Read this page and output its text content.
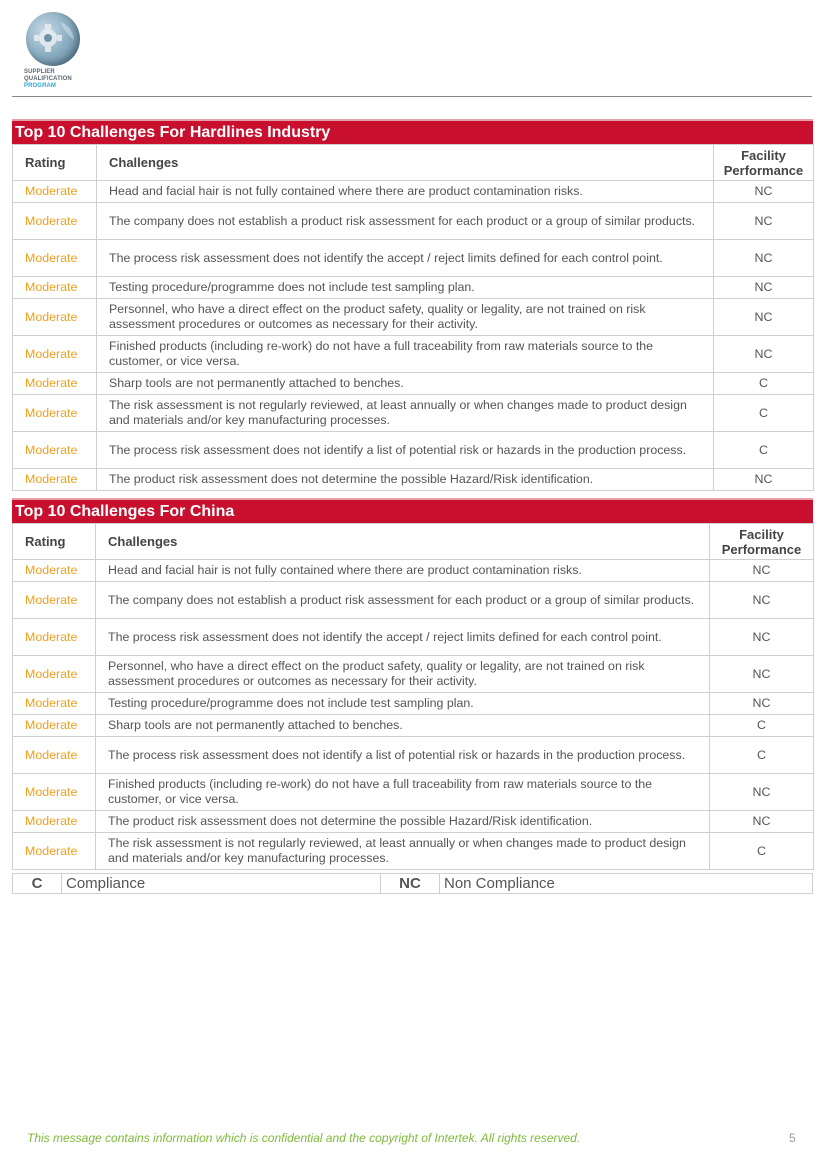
SUPPLIER
QUALIFICATION
PROGRAM
Top 10 Challenges For Hardlines Industry
Rating	Challenges	Facility
Performance
Moderate	Head and facial hair is not fully contained where there are product contamination risks.	NC
Moderate	The company does not establish a product risk assessment for each product or a group of similar products.	NC
Moderate	The process risk assessment does not identify the accept / reject limits defined for each control point.	NC
Moderate	Testing procedure/programme does not include test sampling plan.	NC
Moderate	Personnel, who have a direct effect on the product safety, quality or legality, are not trained on risk assessment procedures or outcomes as necessary for their activity.	NC
Moderate	Finished products (including re-work) do not have a full traceability from raw materials source to the customer, or vice versa.	NC
Moderate	Sharp tools are not permanently attached to benches.	C
Moderate	The risk assessment is not regularly reviewed, at least annually or when changes made to product design and materials and/or key manufacturing processes.	C
Moderate	The process risk assessment does not identify a list of potential risk or hazards in the production process.	C
Moderate	The product risk assessment does not determine the possible Hazard/Risk identification.	NC
Top 10 Challenges For China
Rating	Challenges	Facility
Performance
Moderate	Head and facial hair is not fully contained where there are product contamination risks.	NC
Moderate	The company does not establish a product risk assessment for each product or a group of similar products.	NC
Moderate	The process risk assessment does not identify the accept / reject limits defined for each control point.	NC
Moderate	Personnel, who have a direct effect on the product safety, quality or legality, are not trained on risk assessment procedures or outcomes as necessary for their activity.	NC
Moderate	Testing procedure/programme does not include test sampling plan.	NC
Moderate	Sharp tools are not permanently attached to benches.	C
Moderate	The process risk assessment does not identify a list of potential risk or hazards in the production process.	C
Moderate	Finished products (including re-work) do not have a full traceability from raw materials source to the customer, or vice versa.	NC
Moderate	The product risk assessment does not determine the possible Hazard/Risk identification.	NC
Moderate	The risk assessment is not regularly reviewed, at least annually or when changes made to product design and materials and/or key manufacturing processes.	C
C	Compliance	NC	Non Compliance
This message contains information which is confidential and the copyright of Intertek. All rights reserved.	5
